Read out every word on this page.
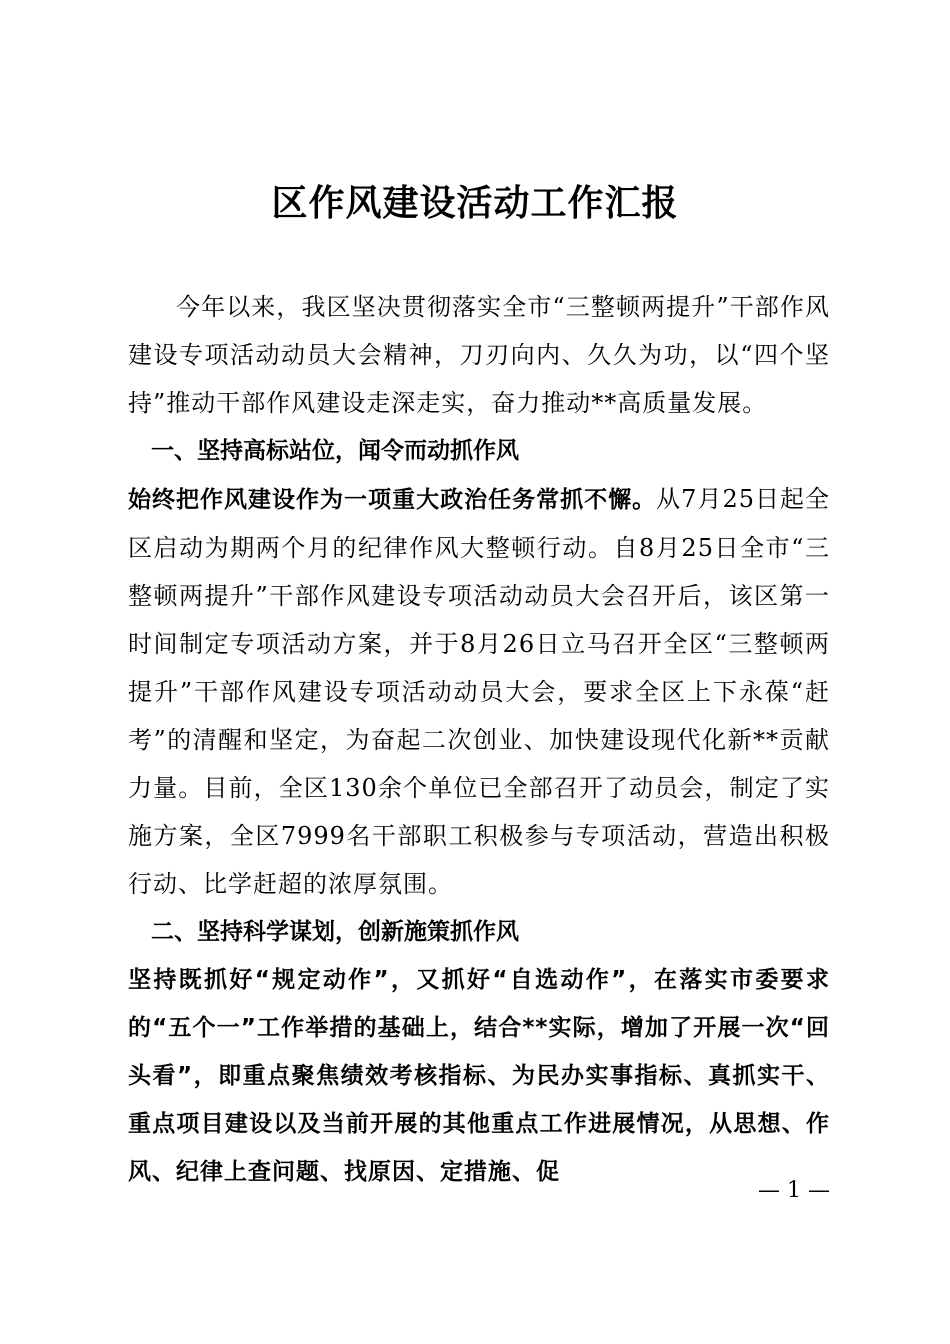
区作风建设活动工作汇报

今年以来，我区坚决贯彻落实全市“三整顿两提升”干部作风建设专项活动动员大会精神，刀刃向内、久久为功，以“四个坚持”推动干部作风建设走深走实，奋力推动**高质量发展。

一、坚持高标站位，闻令而动抓作风

始终把作风建设作为一项重大政治任务常抓不懈。从7月25日起全区启动为期两个月的纪律作风大整顿行动。自8月25日全市“三整顿两提升”干部作风建设专项活动动员大会召开后，该区第一时间制定专项活动方案，并于8月26日立马召开全区“三整顿两提升”干部作风建设专项活动动员大会，要求全区上下永葆“赶考”的清醒和坚定，为奋起二次创业、加快建设现代化新**贡献力量。目前，全区130余个单位已全部召开了动员会，制定了实施方案，全区7999名干部职工积极参与专项活动，营造出积极行动、比学赶超的浓厚氛围。

二、坚持科学谋划，创新施策抓作风

坚持既抓好“规定动作”，又抓好“自选动作”，在落实市委要求的“五个一”工作举措的基础上，结合**实际，增加了开展一次“回头看”，即重点聚焦绩效考核指标、为民办实事指标、真抓实干、重点项目建设以及当前开展的其他重点工作进展情况，从思想、作风、纪律上查问题、找原因、定措施、促

— 1 —
